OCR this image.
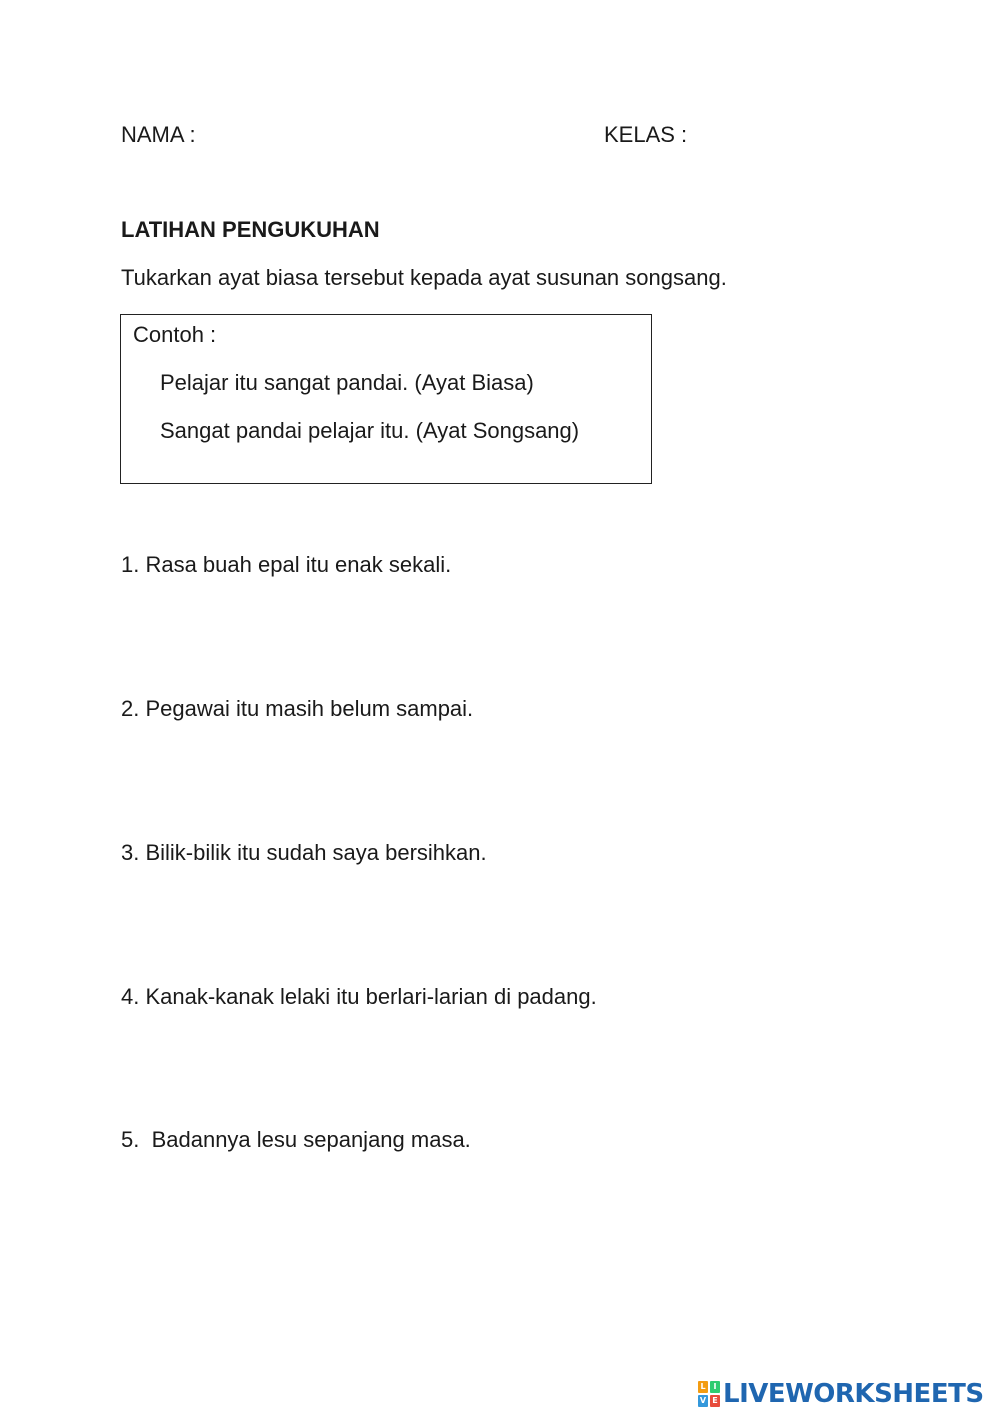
NAMA :	KELAS :
LATIHAN PENGUKUHAN
Tukarkan ayat biasa tersebut kepada ayat susunan songsang.
Contoh :
Pelajar itu sangat pandai. (Ayat Biasa)
Sangat pandai pelajar itu. (Ayat Songsang)
1. Rasa buah epal itu enak sekali.
2. Pegawai itu masih belum sampai.
3. Bilik-bilik itu sudah saya bersihkan.
4. Kanak-kanak lelaki itu berlari-larian di padang.
5.  Badannya lesu sepanjang masa.
L I
V E LIVEWORKSHEETS
